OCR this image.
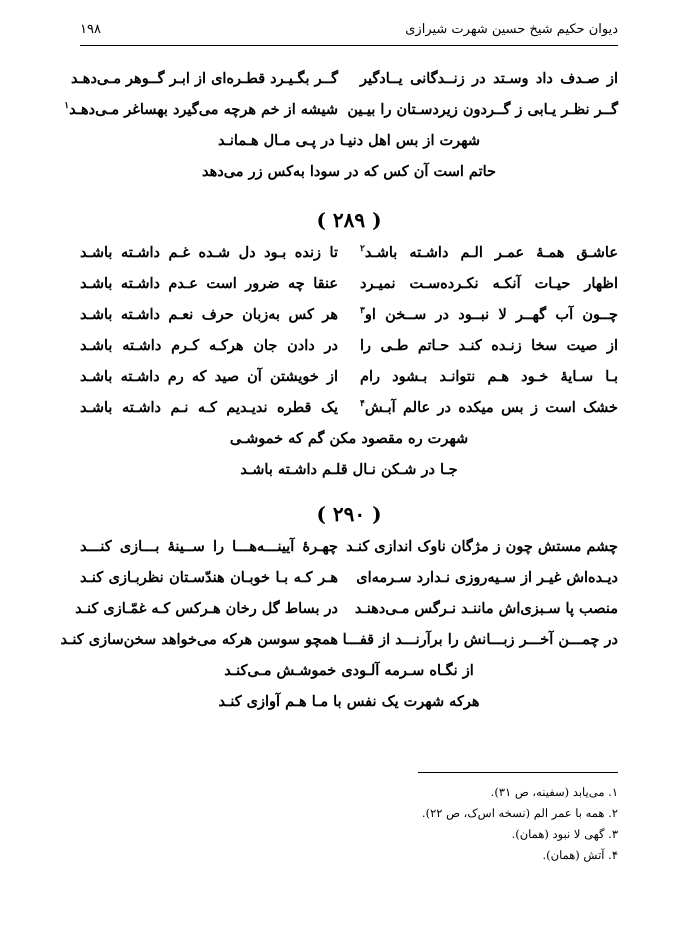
دیوان حکیم شیخ حسین شهرت شیرازی
۱۹۸
از صـدف داد وسـتد در زنــدگانی یــادگیر
گــر بگـیـرد قطـره‌ای از ابـر گــوهر مـی‌دهـد
گــر نظـر یـابی ز گــردون زیردسـتان را بیـین
شیشه از خم هرچه می‌گیرد بهساغر مـی‌دهـد$^۱$
شهرت از بس اهل دنیـا در پـی مـال هـمانـد
حاتم است آن کس که در سودا به‌کس زر می‌دهد
( ۲۸۹ )
عاشـق همـهٔ عمـر الـم داشـته باشـد$^۲$
تا زنده بـود دل شـده غـم داشـته باشـد
اظهار حیـات آنکـه نکـرده‌سـت نمیـرد
عنقا چه ضرور است عـدم داشـته باشـد
چــون آب گهــر لا نبــود در ســخن او$^۳$
هر کس به‌زبان حرف نعـم داشـته باشـد
از صیت سخا زنـده کنـد حـاتم طـی را
در دادن جان هرکـه کـرم داشـته باشـد
بـا سـایهٔ خـود هـم نتوانـد بـشود رام
از خویشتن آن صید که رم داشـته باشـد
خشک است ز بس میکده در عالم آبـش$^۴$
یک قطره ندیـدیم کـه نـم داشـته باشـد
شهرت ره مقصود مکن گم که خموشـی
جـا در شـکن نـال قلـم داشـته باشـد
( ۲۹۰ )
چشم مستش چون ز مژگان ناوک اندازی کنـد
چهـرهٔ آیینـــه‌هـــا را ســینهٔ بـــازی کنـــد
دیـده‌اش غیـر از سـیه‌روزی نـدارد سـرمه‌ای
هـر کـه بـا خوبـان هندّسـتان نظربـازی کنـد
منصب پا سـبزی‌اش ماننـد نـرگس مـی‌دهنـد
در بساط گل رخان هـرکس کـه غمّـازی کنـد
در چمـــن آخـــر زبـــانش را برآرنـــد از قفـــا
همچو سوسن هرکه می‌خواهد سخن‌سازی کنـد
از نگـاه سـرمه آلـودی خموشـش مـی‌کنـد
هرکه شهرت یک نفس با مـا هـم آوازی کنـد
۱. می‌یابد (سفینه، ص ۳۱).
۲. همه با عمر الم (نسخه اس‌ک، ص ۲۲).
۳. گهی لا نبود (همان).
۴. آتش (همان).
